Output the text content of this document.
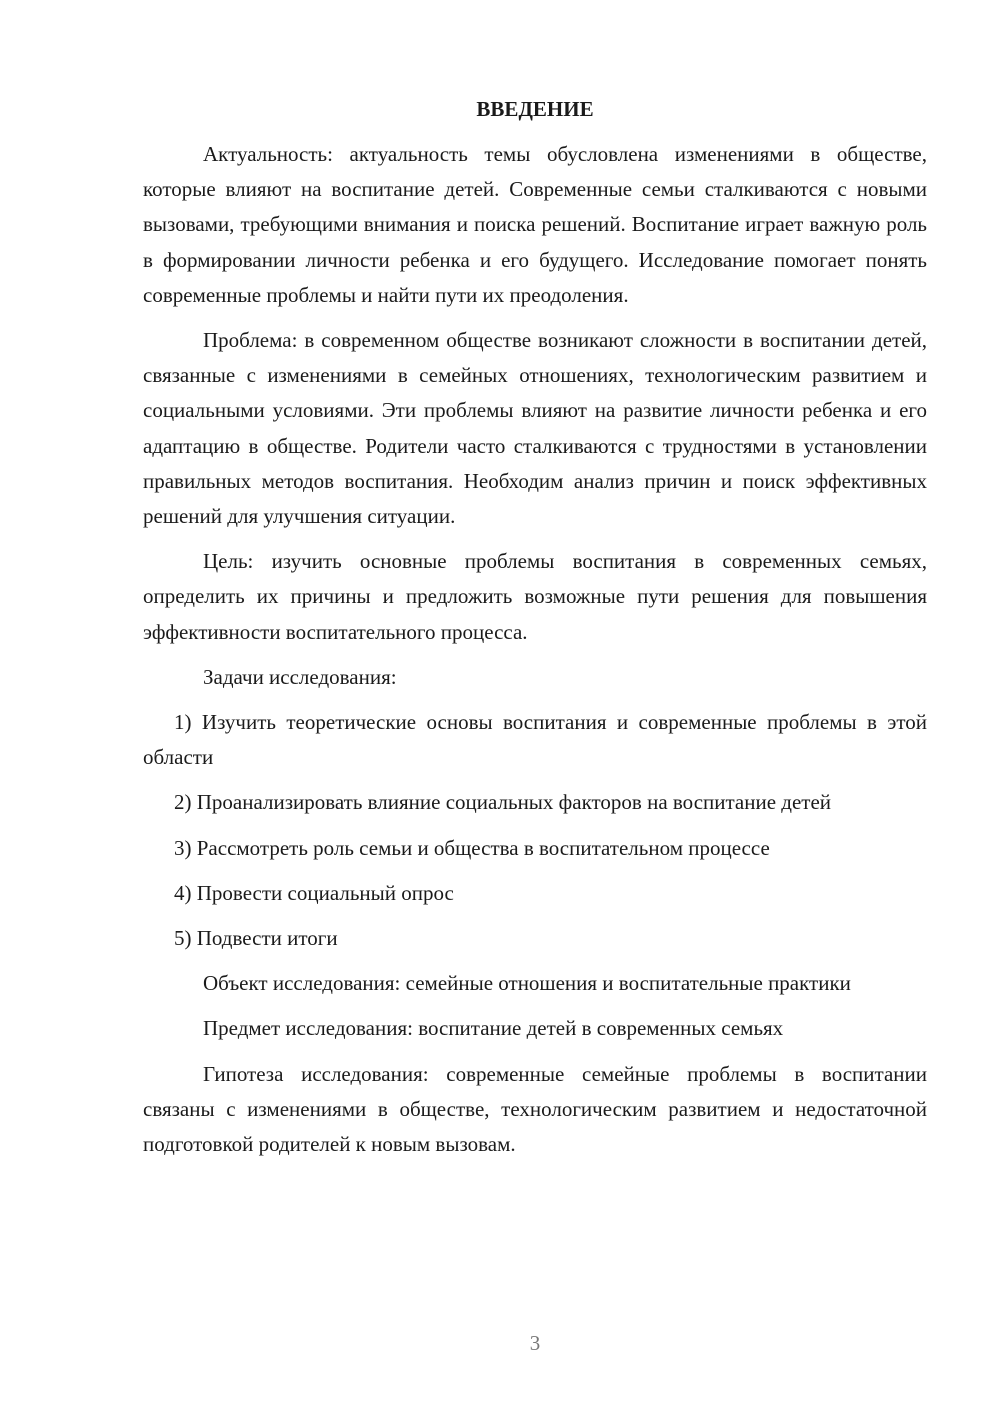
ВВЕДЕНИЕ

Актуальность: актуальность темы обусловлена изменениями в обществе, которые влияют на воспитание детей. Современные семьи сталкиваются с новыми вызовами, требующими внимания и поиска решений. Воспитание играет важную роль в формировании личности ребенка и его будущего. Исследование помогает понять современные проблемы и найти пути их преодоления.

Проблема: в современном обществе возникают сложности в воспитании детей, связанные с изменениями в семейных отношениях, технологическим развитием и социальными условиями. Эти проблемы влияют на развитие личности ребенка и его адаптацию в обществе. Родители часто сталкиваются с трудностями в установлении правильных методов воспитания. Необходим анализ причин и поиск эффективных решений для улучшения ситуации.

Цель: изучить основные проблемы воспитания в современных семьях, определить их причины и предложить возможные пути решения для повышения эффективности воспитательного процесса.

Задачи исследования:

1) Изучить теоретические основы воспитания и современные проблемы в этой области

2) Проанализировать влияние социальных факторов на воспитание детей

3) Рассмотреть роль семьи и общества в воспитательном процессе

4) Провести социальный опрос

5) Подвести итоги

Объект исследования: семейные отношения и воспитательные практики

Предмет исследования: воспитание детей в современных семьях

Гипотеза исследования: современные семейные проблемы в воспитании связаны с изменениями в обществе, технологическим развитием и недостаточной подготовкой родителей к новым вызовам.

3
